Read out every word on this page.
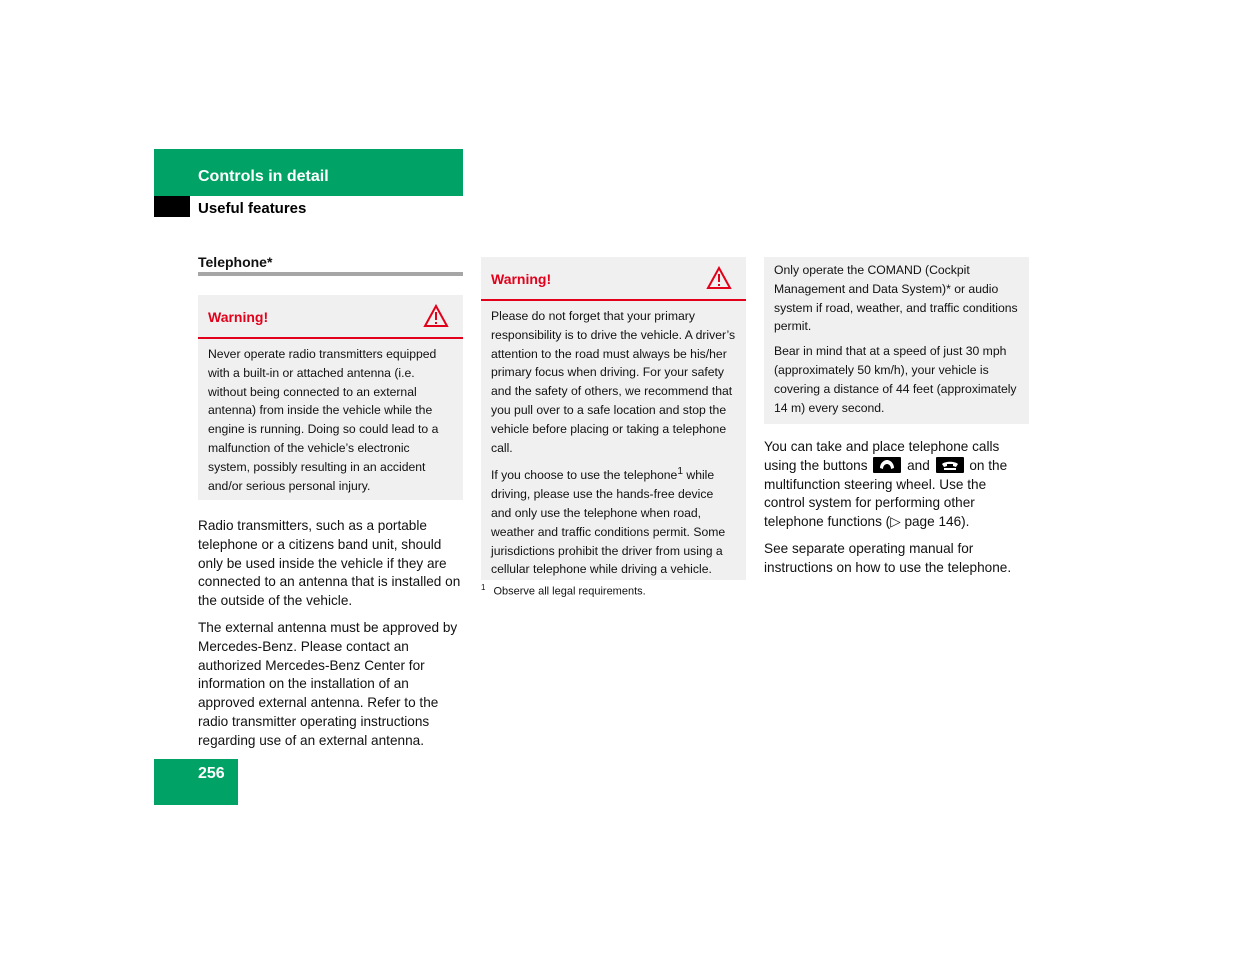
Controls in detail
Useful features
Telephone*
Warning!

Never operate radio transmitters equipped with a built-in or attached antenna (i.e. without being connected to an external antenna) from inside the vehicle while the engine is running. Doing so could lead to a malfunction of the vehicle’s electronic system, possibly resulting in an accident and/or serious personal injury.

Radio transmitters, such as a portable telephone or a citizens band unit, should only be used inside the vehicle if they are connected to an antenna that is installed on the outside of the vehicle.

The external antenna must be approved by Mercedes-Benz. Please contact an authorized Mercedes-Benz Center for information on the installation of an approved external antenna. Refer to the radio transmitter operating instructions regarding use of an external antenna.

Warning!

Please do not forget that your primary responsibility is to drive the vehicle. A driver’s attention to the road must always be his/her primary focus when driving. For your safety and the safety of others, we recommend that you pull over to a safe location and stop the vehicle before placing or taking a telephone call.

If you choose to use the telephone$^1$ while driving, please use the hands-free device and only use the telephone when road, weather and traffic conditions permit. Some jurisdictions prohibit the driver from using a cellular telephone while driving a vehicle.

$^1$ Observe all legal requirements.

Only operate the COMAND (Cockpit Management and Data System)* or audio system if road, weather, and traffic conditions permit.

Bear in mind that at a speed of just 30 mph (approximately 50 km/h), your vehicle is covering a distance of 44 feet (approximately 14 m) every second.

You can take and place telephone calls using the buttons	and	on the multifunction steering wheel. Use the control system for performing other telephone functions (▷ page 146).

See separate operating manual for instructions on how to use the telephone.

256
